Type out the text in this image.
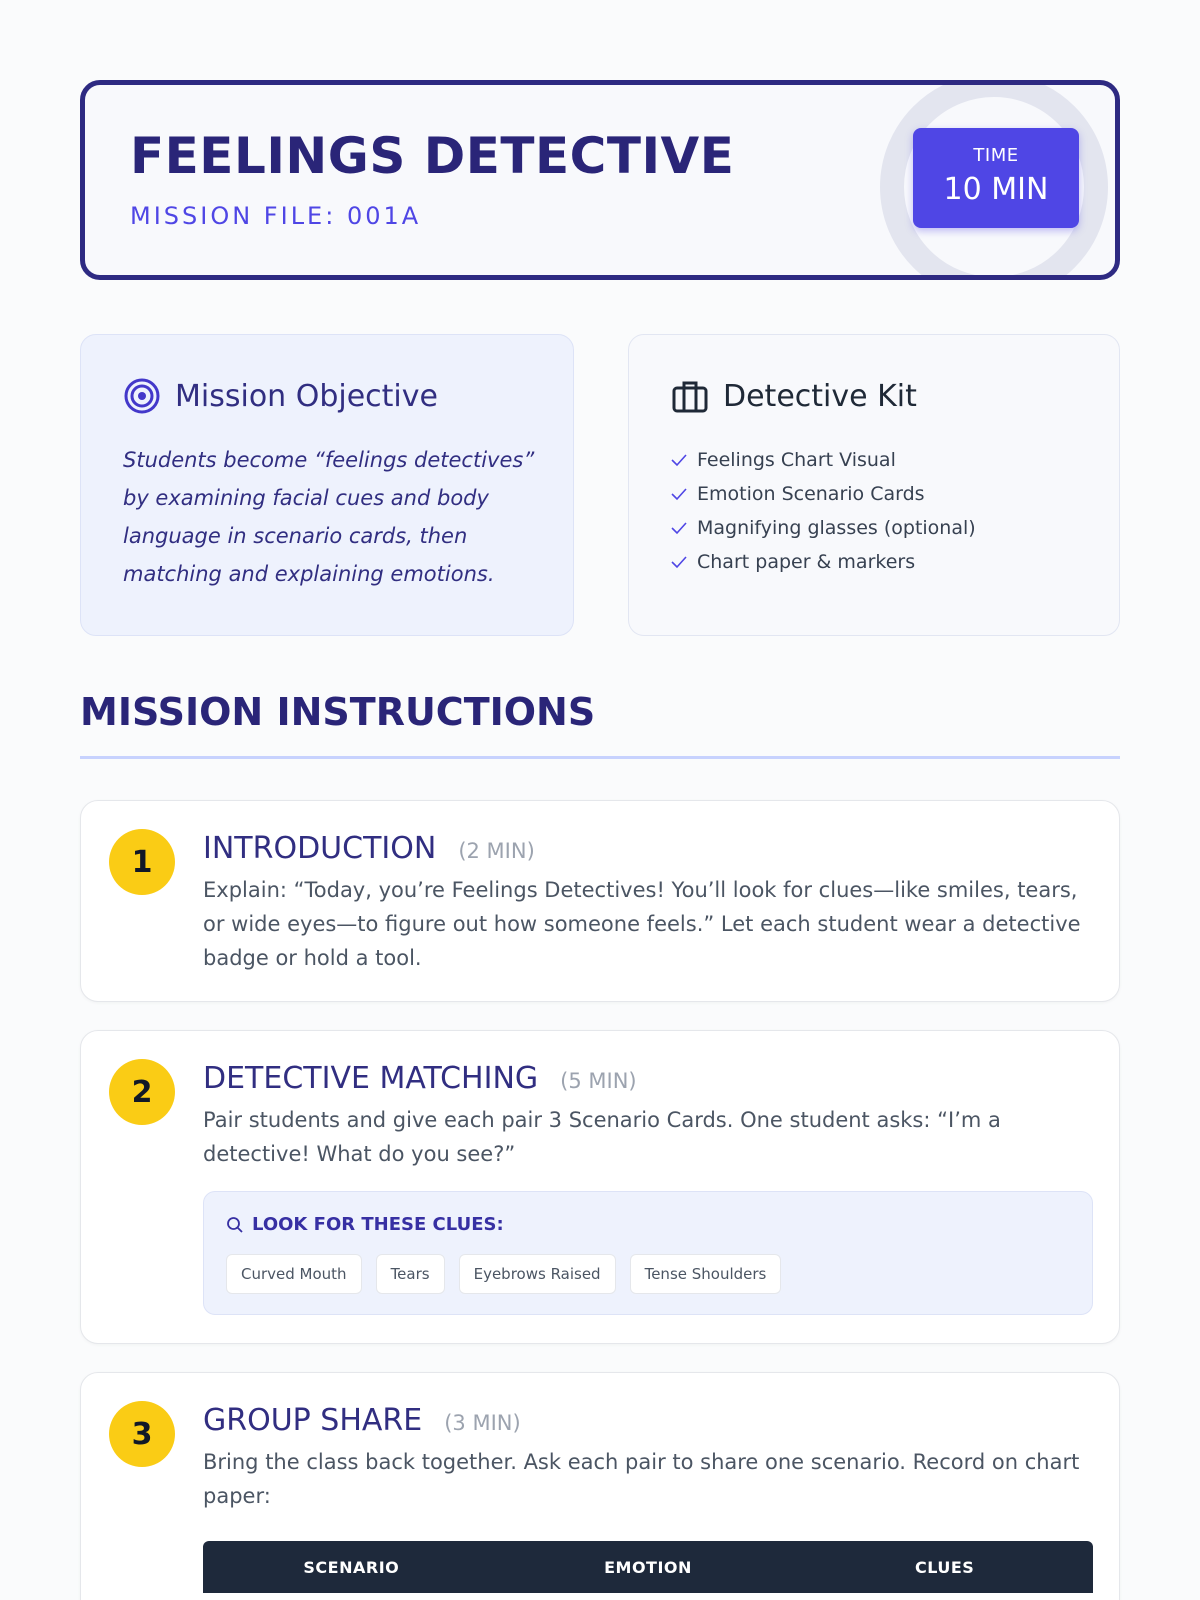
FEELINGS DETECTIVE
MISSION FILE: 001A
TIME
10 MIN
Mission Objective
Students become “feelings detectives” by examining facial cues and body language in scenario cards, then matching and explaining emotions.
Detective Kit
Feelings Chart Visual
Emotion Scenario Cards
Magnifying glasses (optional)
Chart paper & markers
MISSION INSTRUCTIONS
1	INTRODUCTION (2 MIN)
Explain: “Today, you’re Feelings Detectives! You’ll look for clues—like smiles, tears, or wide eyes—to figure out how someone feels.” Let each student wear a detective badge or hold a tool.
2	DETECTIVE MATCHING (5 MIN)
Pair students and give each pair 3 Scenario Cards. One student asks: “I’m a detective! What do you see?”
LOOK FOR THESE CLUES:
Curved Mouth	Tears	Eyebrows Raised	Tense Shoulders
3	GROUP SHARE (3 MIN)
Bring the class back together. Ask each pair to share one scenario. Record on chart paper:
SCENARIO	EMOTION	CLUES
